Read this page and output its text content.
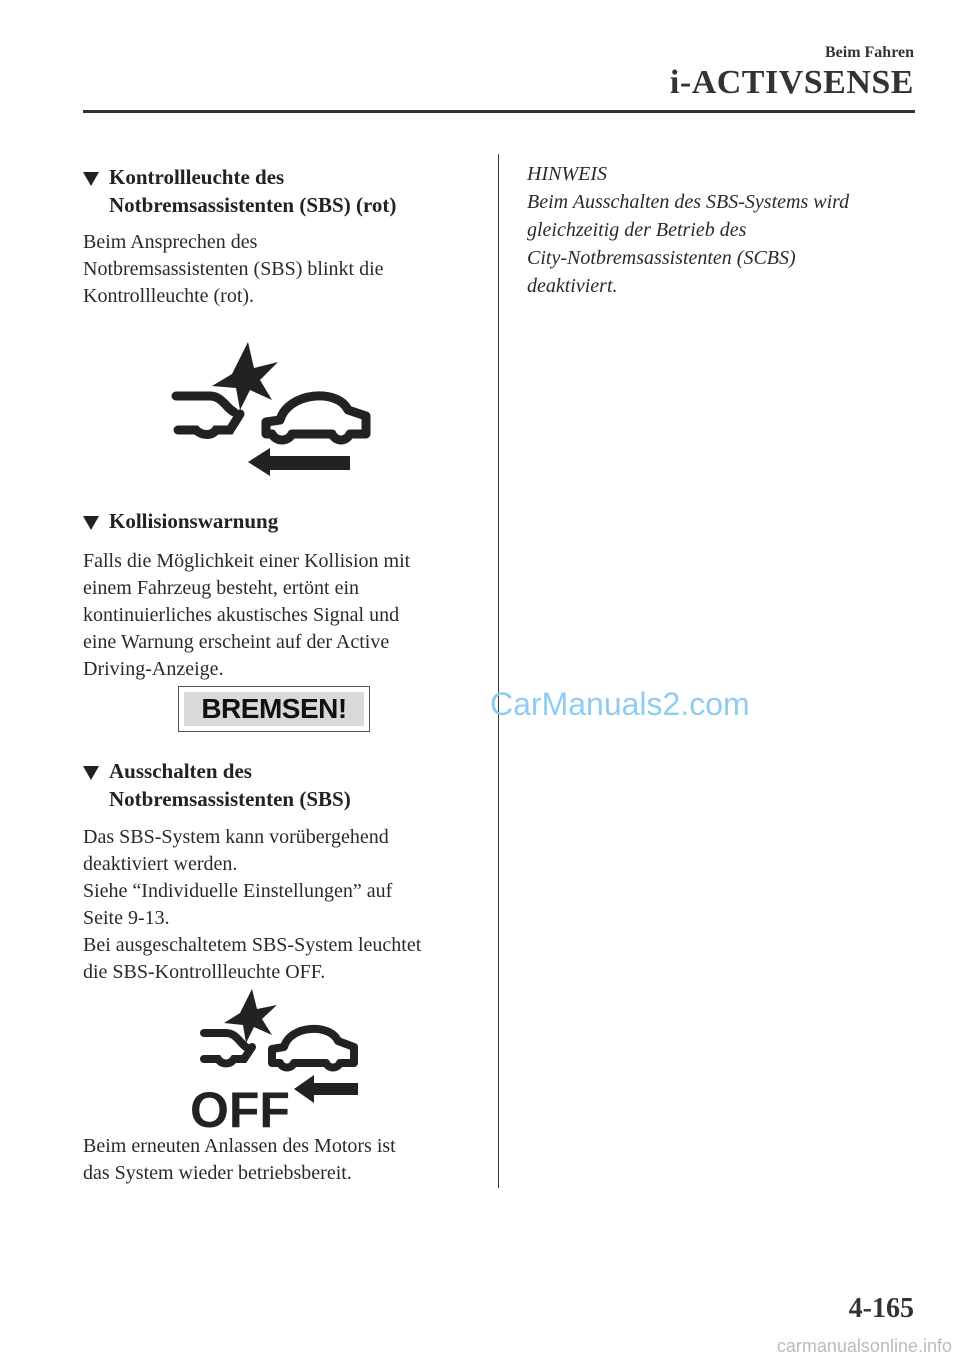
Beim Fahren
i-ACTIVSENSE
Kontrollleuchte des
Notbremsassistenten (SBS) (rot)
Beim Ansprechen des
Notbremsassistenten (SBS) blinkt die
Kontrollleuchte (rot).
Kollisionswarnung
Falls die Möglichkeit einer Kollision mit
einem Fahrzeug besteht, ertönt ein
kontinuierliches akustisches Signal und
eine Warnung erscheint auf der Active
Driving-Anzeige.
BREMSEN!	CarManuals2.com
Ausschalten des
Notbremsassistenten (SBS)
Das SBS-System kann vorübergehend
deaktiviert werden.
Siehe “Individuelle Einstellungen” auf
Seite 9-13.
Bei ausgeschaltetem SBS-System leuchtet
die SBS-Kontrollleuchte OFF.
OFF
Beim erneuten Anlassen des Motors ist
das System wieder betriebsbereit.
HINWEIS
Beim Ausschalten des SBS-Systems wird
gleichzeitig der Betrieb des
City-Notbremsassistenten (SCBS)
deaktiviert.
4-165
carmanualsonline.info
